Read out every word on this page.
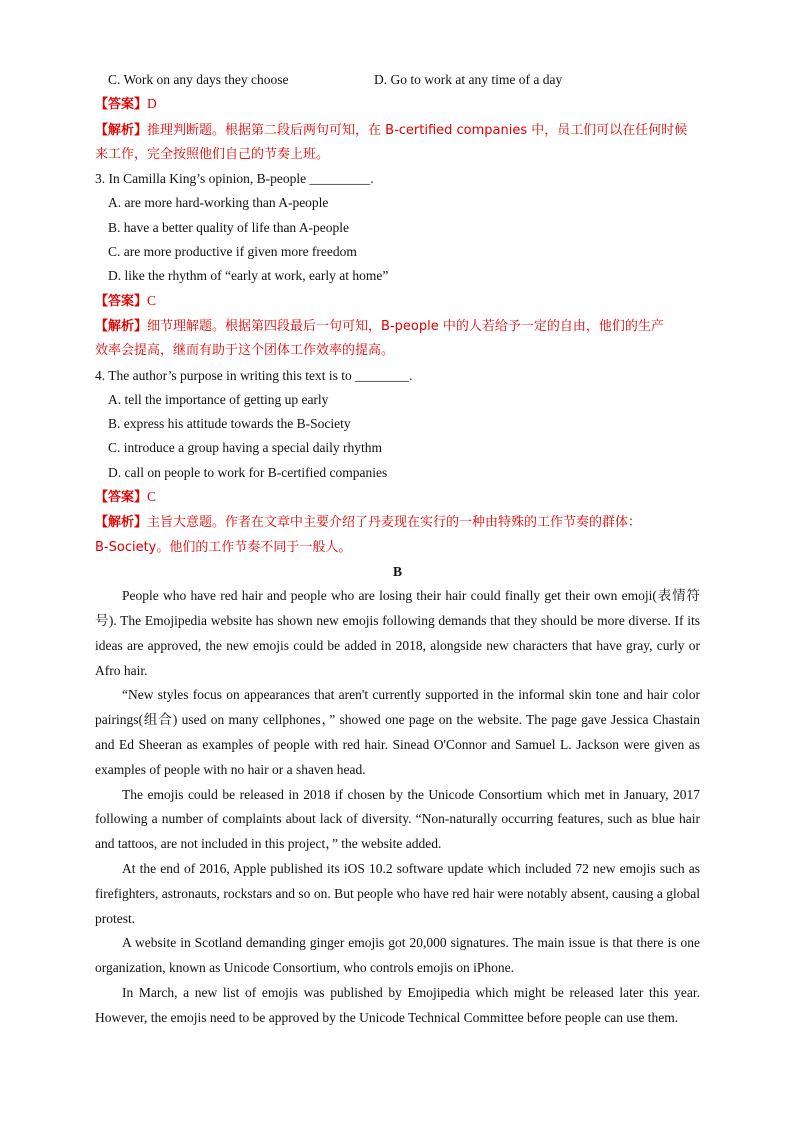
C. Work on any days they choose	D. Go to work at any time of a day
【答案】D
【解析】推理判断题。根据第二段后两句可知，在 B-certified companies 中，员工们可以在任何时候
来工作，完全按照他们自己的节奏上班。
3. In Camilla King’s opinion, B-people _________.
A. are more hard-working than A-people
B. have a better quality of life than A-people
C. are more productive if given more freedom
D. like the rhythm of “early at work, early at home”
【答案】C
【解析】细节理解题。根据第四段最后一句可知，B-people 中的人若给予一定的自由，他们的生产
效率会提高，继而有助于这个团体工作效率的提高。
4. The author’s purpose in writing this text is to ________.
A. tell the importance of getting up early
B. express his attitude towards the B-Society
C. introduce a group having a special daily rhythm
D. call on people to work for B-certified companies
【答案】C
【解析】主旨大意题。作者在文章中主要介绍了丹麦现在实行的一种由特殊的工作节奏的群体：
B-Society。他们的工作节奏不同于一般人。
B

People who have red hair and people who are losing their hair could finally get their own emoji(表情符号). The Emojipedia website has shown new emojis following demands that they should be more diverse. If its ideas are approved, the new emojis could be added in 2018, alongside new characters that have gray, curly or Afro hair.

“New styles focus on appearances that aren't currently supported in the informal skin tone and hair color pairings(组合) used on many cellphones，” showed one page on the website. The page gave Jessica Chastain and Ed Sheeran as examples of people with red hair. Sinead O'Connor and Samuel L. Jackson were given as examples of people with no hair or a shaven head.

The emojis could be released in 2018 if chosen by the Unicode Consortium which met in January, 2017 following a number of complaints about lack of diversity. “Non-naturally occurring features, such as blue hair and tattoos, are not included in this project，” the website added.

At the end of 2016, Apple published its iOS 10.2 software update which included 72 new emojis such as firefighters, astronauts, rockstars and so on. But people who have red hair were notably absent, causing a global protest.

A website in Scotland demanding ginger emojis got 20,000 signatures. The main issue is that there is one organization, known as Unicode Consortium, who controls emojis on iPhone.

In March, a new list of emojis was published by Emojipedia which might be released later this year. However, the emojis need to be approved by the Unicode Technical Committee before people can use them.
